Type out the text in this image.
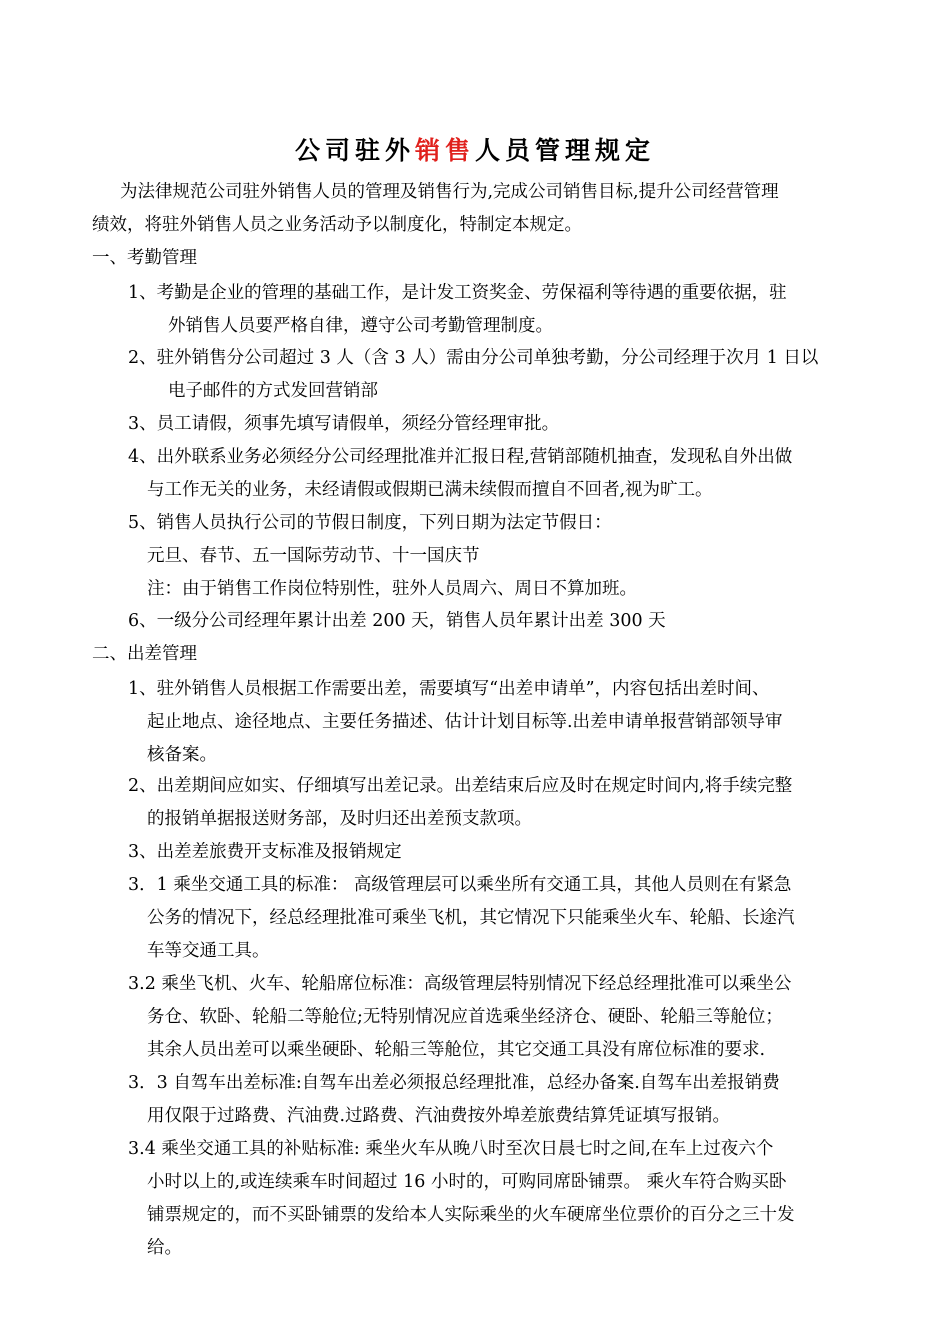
公司驻外销售人员管理规定
为法律规范公司驻外销售人员的管理及销售行为,完成公司销售目标,提升公司经营管理
绩效，将驻外销售人员之业务活动予以制度化，特制定本规定。
一、考勤管理
1、考勤是企业的管理的基础工作，是计发工资奖金、劳保福利等待遇的重要依据，驻
外销售人员要严格自律，遵守公司考勤管理制度。
2、驻外销售分公司超过 3 人（含 3 人）需由分公司单独考勤，分公司经理于次月 1 日以
电子邮件的方式发回营销部
3、员工请假，须事先填写请假单，须经分管经理审批。
4、出外联系业务必须经分公司经理批准并汇报日程,营销部随机抽查，发现私自外出做
与工作无关的业务，未经请假或假期已满未续假而擅自不回者,视为旷工。
5、销售人员执行公司的节假日制度，下列日期为法定节假日：
元旦、春节、五一国际劳动节、十一国庆节
注：由于销售工作岗位特别性，驻外人员周六、周日不算加班。
6、一级分公司经理年累计出差 200 天，销售人员年累计出差 300 天
二、出差管理
1、驻外销售人员根据工作需要出差，需要填写“出差申请单”，内容包括出差时间、
起止地点、途径地点、主要任务描述、估计计划目标等.出差申请单报营销部领导审
核备案。
2、出差期间应如实、仔细填写出差记录。出差结束后应及时在规定时间内,将手续完整
的报销单据报送财务部，及时归还出差预支款项。
3、出差差旅费开支标准及报销规定
3．1 乘坐交通工具的标准： 高级管理层可以乘坐所有交通工具，其他人员则在有紧急
公务的情况下，经总经理批准可乘坐飞机，其它情况下只能乘坐火车、轮船、长途汽
车等交通工具。
3.2 乘坐飞机、火车、轮船席位标准：高级管理层特别情况下经总经理批准可以乘坐公
务仓、软卧、轮船二等舱位;无特别情况应首选乘坐经济仓、硬卧、轮船三等舱位；
其余人员出差可以乘坐硬卧、轮船三等舱位，其它交通工具没有席位标准的要求.
3．3 自驾车出差标准:自驾车出差必须报总经理批准，总经办备案.自驾车出差报销费
用仅限于过路费、汽油费.过路费、汽油费按外埠差旅费结算凭证填写报销。
3.4 乘坐交通工具的补贴标准: 乘坐火车从晚八时至次日晨七时之间,在车上过夜六个
小时以上的,或连续乘车时间超过 16 小时的，可购同席卧铺票。 乘火车符合购买卧
铺票规定的，而不买卧铺票的发给本人实际乘坐的火车硬席坐位票价的百分之三十发
给。
